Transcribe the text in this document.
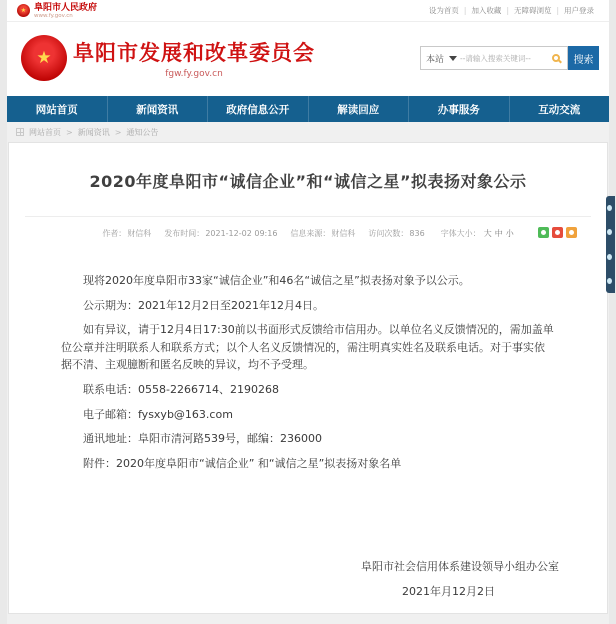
★
阜阳市人民政府
www.fy.gov.cn
设为首页 | 加入收藏 | 无障碍浏览 | 用户登录
★
阜阳市发展和改革委员会
fgw.fy.gov.cn
本站
--请输入搜索关键词--	搜索
网站首页	新闻资讯	政府信息公开	解读回应	办事服务	互动交流
网站首页 > 新闻资讯 > 通知公告
2020年度阜阳市“诚信企业”和“诚信之星”拟表扬对象公示
作者：财信科 发布时间：2021-12-02 09:16 信息来源：财信科 访问次数：836	字体大小： 大 中 小

现将2020年度阜阳市33家“诚信企业”和46名“诚信之星”拟表扬对象予以公示。

公示期为：2021年12月2日至2021年12月4日。

如有异议，请于12月4日17:30前以书面形式反馈给市信用办。以单位名义反馈情况的，需加盖单位公章并注明联系人和联系方式；以个人名义反馈情况的，需注明真实姓名及联系电话。对于事实依据不清、主观臆断和匿名反映的异议，均不予受理。

联系电话：0558-2266714、2190268

电子邮箱：fysxyb@163.com

通讯地址：阜阳市清河路539号，邮编：236000

附件：2020年度阜阳市“诚信企业” 和“诚信之星”拟表扬对象名单

阜阳市社会信用体系建设领导小组办公室
2021年月12月2日
